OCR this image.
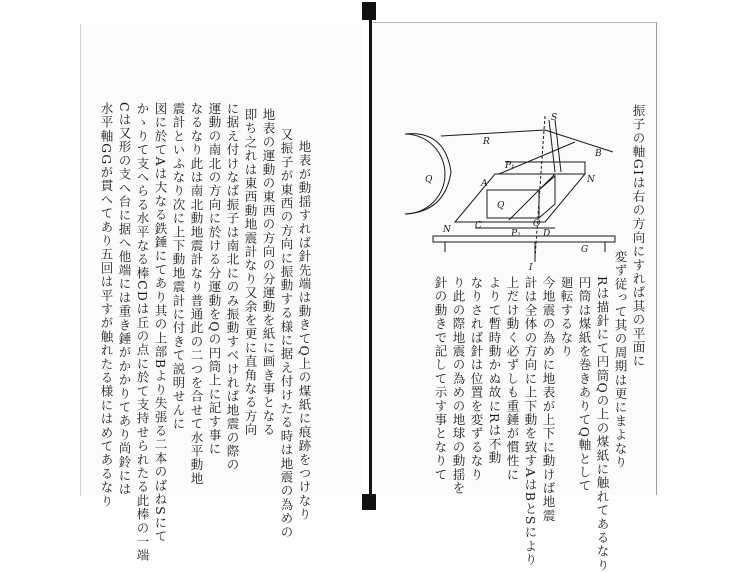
地表が動揺すれば針先端は動きてQ上の煤紙に痕跡をつけなり
又振子が東西の方向に振動する様に据え付けたる時は地震の為めの
地表の運動の東西の方向の分運動を紙に画き事となる
即ち之れは東西動地震計なり又余を更に直角なる方向
に据え付けなば振子は南北にのみ振動すべければ地震の際の
運動の南北の方向に於ける分運動をQの円筒上に記す事に
なるなり此は南北動地震計なり普通此の二つを合せて水平動地
震計といふなり次に上下動地震計に付きて説明せんに
図に於てAは大なる鉄錘にてあり其の上部Bより失張る二本のばねSにて
かゝりて支へらる水平なる棒CDは丘の点に於て支持せられたる此棒の一端
Cは又形の支へ台に据へ他端には重き錘がかかりてあり尚鈴には
水平軸GGが貫へてあり五回は平すが触れたる様にはめてあるなり	振子の軸GIは右の方向にすれば其の平面に
変ず従って其の周期は更にまよなり
Rは描針にて円筒Qの上の煤紙に触れてあるなり
円筒は煤紙を巻きありてQ軸として
廻転するなり
今地震の為めに地表が上下に動けば地震
計は全体の方向に上下動を致すAはBとSにより
上だけ動く必ずしも重錘が慣性に
よりて暫時動かぬ故にRは不動
なりされば針は位置を変ずるなり
り此の際地震の為めの地球の動揺を
針の動きで記して示す事となりて
S
B
R
P₁
A
Q
N
C
D
P₂
O
N
G
I
Q
